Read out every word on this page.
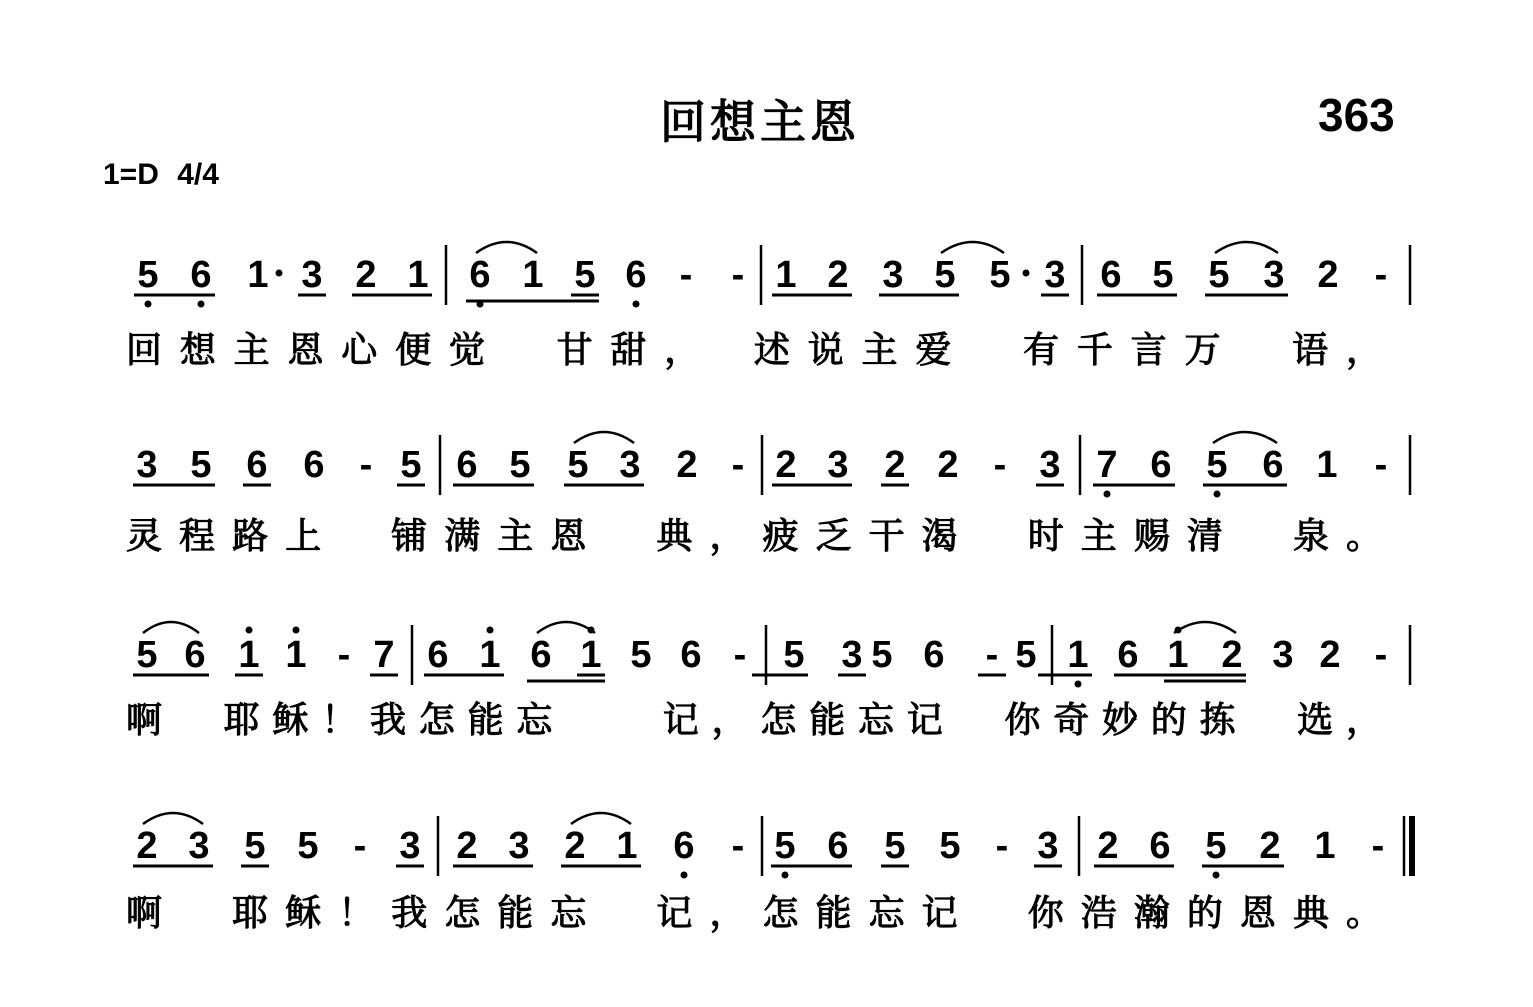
回想主恩	363
1=D 4/4
5 6 1 3 2 1 6 1 5 6 - - 1 2 3 5 5 3 6 5 5 3 2 -
回想主恩心便觉　甘甜，　述说主爱　有千言万　语，
3 5 6 6 - 5 6 5 5 3 2 - 2 3 2 2 - 3 7 6 5 6 1 -
灵程路上　铺满主恩　典，疲乏干渴　时主赐清　泉。
5 6 1 1 - 7 6 1 6 1 5 6 - 5 3 5 6 - 5 1 6 1 2 3 2 -
啊　耶稣！我怎能忘　　记，怎能忘记　你奇妙的拣　选，
2 3 5 5 - 3 2 3 2 1 6 - 5 6 5 5 - 3 2 6 5 2 1 -
啊　耶稣！我怎能忘　记，怎能忘记　你浩瀚的恩典。
